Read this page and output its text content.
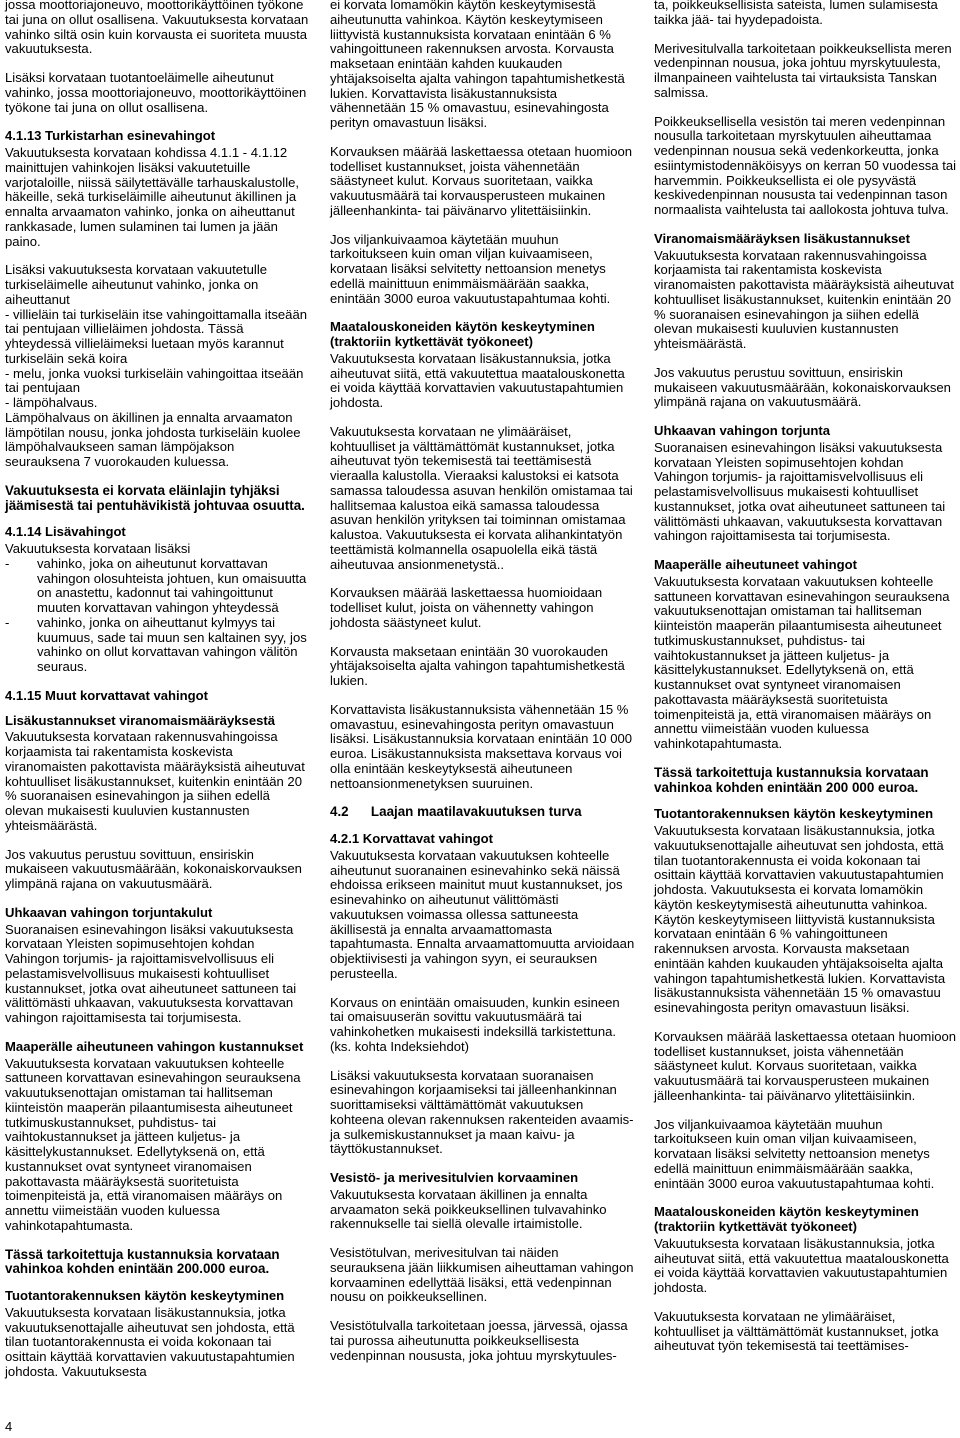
jossa moottoriajoneuvo, moottorikäyttöinen työkone tai juna on ollut osallisena. Vakuutuksesta korvataan vahinko siltä osin kuin korvausta ei suoriteta muusta vakuutuksesta.

Lisäksi korvataan tuotantoeläimelle aiheutunut vahinko, jossa moottoriajoneuvo, moottorikäyttöinen työkone tai juna on ollut osallisena.

4.1.13 Turkistarhan esinevahingot

Vakuutuksesta korvataan kohdissa 4.1.1 - 4.1.12 mainittujen vahinkojen lisäksi vakuutetuille varjotaloille, niissä säilytettävälle tarhauskalustolle, häkeille, sekä turkiseläimille aiheutunut äkillinen ja ennalta arvaamaton vahinko, jonka on aiheuttanut rankkasade, lumen sulaminen tai lumen ja jään paino.

Lisäksi vakuutuksesta korvataan vakuutetulle turkiseläimelle aiheutunut vahinko, jonka on aiheuttanut

- villieläin tai turkiseläin itse vahingoittamalla itseään tai pentujaan villieläimen johdosta. Tässä yhteydessä villieläimeksi luetaan myös karannut turkiseläin sekä koira

- melu, jonka vuoksi turkiseläin vahingoittaa itseään tai pentujaan

- lämpöhalvaus.

Lämpöhalvaus on äkillinen ja ennalta arvaamaton lämpötilan nousu, jonka johdosta turkiseläin kuolee lämpöhalvaukseen saman lämpöjakson seurauksena 7 vuorokauden kuluessa.

Vakuutuksesta ei korvata eläinlajin tyhjäksi jäämisestä tai pentuhävikistä johtuvaa osuutta.
4.1.14 Lisävahingot

Vakuutuksesta korvataan lisäksi

- vahinko, joka on aiheutunut korvattavan vahingon olosuhteista johtuen, kun omaisuutta on anastettu, kadonnut tai vahingoittunut muuten korvattavan vahingon yhteydessä
- vahinko, jonka on aiheuttanut kylmyys tai kuumuus, sade tai muun sen kaltainen syy, jos vahinko on ollut korvattavan vahingon välitön seuraus.
4.1.15 Muut korvattavat vahingot
Lisäkustannukset viranomaismääräyksestä

Vakuutuksesta korvataan rakennusvahingoissa korjaamista tai rakentamista koskevista viranomaisten pakottavista määräyksistä aiheutuvat kohtuulliset lisäkustannukset, kuitenkin enintään 20 % suoranaisen esinevahingon ja siihen edellä olevan mukaisesti kuuluvien kustannusten yhteismäärästä.

Jos vakuutus perustuu sovittuun, ensiriskin mukaiseen vakuutusmäärään, kokonaiskorvauksen ylimpänä rajana on vakuutusmäärä.

Uhkaavan vahingon torjuntakulut

Suoranaisen esinevahingon lisäksi vakuutuksesta korvataan Yleisten sopimusehtojen kohdan Vahingon torjumis- ja rajoittamisvelvollisuus eli pelastamisvelvollisuus mukaisesti kohtuulliset kustannukset, jotka ovat aiheutuneet sattuneen tai välittömästi uhkaavan, vakuutuksesta korvattavan vahingon rajoittamisesta tai torjumisesta.

Maaperälle aiheutuneen vahingon kustannukset

Vakuutuksesta korvataan vakuutuksen kohteelle sattuneen korvattavan esinevahingon seurauksena vakuutuksenottajan omistaman tai hallitseman kiinteistön maaperän pilaantumisesta aiheutuneet tutkimuskustannukset, puhdistus- tai vaihtokustannukset ja jätteen kuljetus- ja käsittelykustannukset. Edellytyksenä on, että kustannukset ovat syntyneet viranomaisen pakottavasta määräyksestä suoritetuista toimenpiteistä ja, että viranomaisen määräys on annettu viimeistään vuoden kuluessa vahinkotapahtumasta.

Tässä tarkoitettuja kustannuksia korvataan vahinkoa kohden enintään 200.000 euroa.
Tuotantorakennuksen käytön keskeytyminen

Vakuutuksesta korvataan lisäkustannuksia, jotka vakuutuksenottajalle aiheutuvat sen johdosta, että tilan tuotantorakennusta ei voida kokonaan tai osittain käyttää korvattavien vakuutustapahtumien johdosta. Vakuutuksesta

ei korvata lomamökin käytön keskeytymisestä aiheutunutta vahinkoa. Käytön keskeytymiseen liittyvistä kustannuksista korvataan enintään 6 % vahingoittuneen rakennuksen arvosta. Korvausta maksetaan enintään kahden kuukauden yhtäjaksoiselta ajalta vahingon tapahtumishetkestä lukien. Korvattavista lisäkustannuksista vähennetään 15 % omavastuu, esinevahingosta perityn omavastuun lisäksi.

Korvauksen määrää laskettaessa otetaan huomioon todelliset kustannukset, joista vähennetään säästyneet kulut. Korvaus suoritetaan, vaikka vakuutusmäärä tai korvausperusteen mukainen jälleenhankinta- tai päivänarvo ylitettäisiinkin.

Jos viljankuivaamoa käytetään muuhun tarkoitukseen kuin oman viljan kuivaamiseen, korvataan lisäksi selvitetty nettoansion menetys edellä mainittuun enimmäismäärään saakka, enintään 3000 euroa vakuutustapahtumaa kohti.

Maatalouskoneiden käytön keskeytyminen (traktoriin kytkettävät työkoneet)

Vakuutuksesta korvataan lisäkustannuksia, jotka aiheutuvat siitä, että vakuutettua maatalouskonetta ei voida käyttää korvattavien vakuutustapahtumien johdosta.

Vakuutuksesta korvataan ne ylimääräiset, kohtuulliset ja välttämättömät kustannukset, jotka aiheutuvat työn tekemisestä tai teettämisestä vieraalla kalustolla. Vieraaksi kalustoksi ei katsota samassa taloudessa asuvan henkilön omistamaa tai hallitsemaa kalustoa eikä samassa taloudessa asuvan henkilön yrityksen tai toiminnan omistamaa kalustoa. Vakuutuksesta ei korvata alihankintatyön teettämistä kolmannella osapuolella eikä tästä aiheutuvaa ansionmenetystä..

Korvauksen määrää laskettaessa huomioidaan todelliset kulut, joista on vähennetty vahingon johdosta säästyneet kulut.

Korvausta maksetaan enintään 30 vuorokauden yhtäjaksoiselta ajalta vahingon tapahtumishetkestä lukien.

Korvattavista lisäkustannuksista vähennetään 15 % omavastuu, esinevahingosta perityn omavastuun lisäksi. Lisäkustannuksia korvataan enintään 10 000 euroa. Lisäkustannuksista maksettava korvaus voi olla enintään keskeytyksestä aiheutuneen nettoansionmenetyksen suuruinen.

4.2      Laajan maatilavakuutuksen turva
4.2.1 Korvattavat vahingot

Vakuutuksesta korvataan vakuutuksen kohteelle aiheutunut suoranainen esinevahinko sekä näissä ehdoissa erikseen mainitut muut kustannukset, jos esinevahinko on aiheutunut välittömästi vakuutuksen voimassa ollessa sattuneesta äkillisestä ja ennalta arvaamattomasta tapahtumasta. Ennalta arvaamattomuutta arvioidaan objektiivisesti ja vahingon syyn, ei seurauksen perusteella.

Korvaus on enintään omaisuuden, kunkin esineen tai omaisuuserän sovittu vakuutusmäärä tai vahinkohetken mukaisesti indeksillä tarkistettuna. (ks. kohta Indeksiehdot)

Lisäksi vakuutuksesta korvataan suoranaisen esinevahingon korjaamiseksi tai jälleenhankinnan suorittamiseksi välttämättömät vakuutuksen kohteena olevan rakennuksen rakenteiden avaamis- ja sulkemiskustannukset ja maan kaivu- ja täyttökustannukset.

Vesistö- ja merivesitulvien korvaaminen

Vakuutuksesta korvataan äkillinen ja ennalta arvaamaton sekä poikkeuksellinen tulvavahinko rakennukselle tai siellä olevalle irtaimistolle.

Vesistötulvan, merivesitulvan tai näiden seurauksena jään liikkumisen aiheuttaman vahingon korvaaminen edellyttää lisäksi, että vedenpinnan nousu on poikkeuksellinen.

Vesistötulvalla tarkoitetaan joessa, järvessä, ojassa tai purossa aiheutunutta poikkeuksellisesta vedenpinnan noususta, joka johtuu myrskytuules-

ta, poikkeuksellisista sateista, lumen sulamisesta taikka jää- tai hyydepadoista.

Merivesitulvalla tarkoitetaan poikkeuksellista meren vedenpinnan nousua, joka johtuu myrskytuulesta, ilmanpaineen vaihtelusta tai virtauksista Tanskan salmissa.

Poikkeuksellisella vesistön tai meren vedenpinnan nousulla tarkoitetaan myrskytuulen aiheuttamaa vedenpinnan nousua sekä vedenkorkeutta, jonka esiintymistodennäköisyys on kerran 50 vuodessa tai harvemmin. Poikkeuksellista ei ole pysyvästä keskivedenpinnan noususta tai vedenpinnan tason normaalista vaihtelusta tai aallokosta johtuva tulva.

Viranomaismääräyksen lisäkustannukset

Vakuutuksesta korvataan rakennusvahingoissa korjaamista tai rakentamista koskevista viranomaisten pakottavista määräyksistä aiheutuvat kohtuulliset lisäkustannukset, kuitenkin enintään 20 % suoranaisen esinevahingon ja siihen edellä olevan mukaisesti kuuluvien kustannusten yhteismäärästä.

Jos vakuutus perustuu sovittuun, ensiriskin mukaiseen vakuutusmäärään, kokonaiskorvauksen ylimpänä rajana on vakuutusmäärä.

Uhkaavan vahingon torjunta

Suoranaisen esinevahingon lisäksi vakuutuksesta korvataan Yleisten sopimusehtojen kohdan Vahingon torjumis- ja rajoittamisvelvollisuus eli pelastamisvelvollisuus mukaisesti kohtuulliset kustannukset, jotka ovat aiheutuneet sattuneen tai välittömästi uhkaavan, vakuutuksesta korvattavan vahingon rajoittamisesta tai torjumisesta.

Maaperälle aiheutuneet vahingot

Vakuutuksesta korvataan vakuutuksen kohteelle sattuneen korvattavan esinevahingon seurauksena vakuutuksenottajan omistaman tai hallitseman kiinteistön maaperän pilaantumisesta aiheutuneet tutkimuskustannukset, puhdistus- tai vaihtokustannukset ja jätteen kuljetus- ja käsittelykustannukset. Edellytyksenä on, että kustannukset ovat syntyneet viranomaisen pakottavasta määräyksestä suoritetuista toimenpiteistä ja, että viranomaisen määräys on annettu viimeistään vuoden kuluessa vahinkotapahtumasta.

Tässä tarkoitettuja kustannuksia korvataan vahinkoa kohden enintään 200 000 euroa.
Tuotantorakennuksen käytön keskeytyminen

Vakuutuksesta korvataan lisäkustannuksia, jotka vakuutuksenottajalle aiheutuvat sen johdosta, että tilan tuotantorakennusta ei voida kokonaan tai osittain käyttää korvattavien vakuutustapahtumien johdosta. Vakuutuksesta ei korvata lomamökin käytön keskeytymisestä aiheutunutta vahinkoa. Käytön keskeytymiseen liittyvistä kustannuksista korvataan enintään 6 % vahingoittuneen rakennuksen arvosta. Korvausta maksetaan enintään kahden kuukauden yhtäjaksoiselta ajalta vahingon tapahtumishetkestä lukien. Korvattavista lisäkustannuksista vähennetään 15 % omavastuu esinevahingosta perityn omavastuun lisäksi.

Korvauksen määrää laskettaessa otetaan huomioon todelliset kustannukset, joista vähennetään säästyneet kulut. Korvaus suoritetaan, vaikka vakuutusmäärä tai korvausperusteen mukainen jälleenhankinta- tai päivänarvo ylitettäisiinkin.

Jos viljankuivaamoa käytetään muuhun tarkoitukseen kuin oman viljan kuivaamiseen, korvataan lisäksi selvitetty nettoansion menetys edellä mainittuun enimmäismäärään saakka, enintään 3000 euroa vakuutustapahtumaa kohti.

Maatalouskoneiden käytön keskeytyminen (traktoriin kytkettävät työkoneet)

Vakuutuksesta korvataan lisäkustannuksia, jotka aiheutuvat siitä, että vakuutettua maatalouskonetta ei voida käyttää korvattavien vakuutustapahtumien johdosta.

Vakuutuksesta korvataan ne ylimääräiset, kohtuulliset ja välttämättömät kustannukset, jotka aiheutuvat työn tekemisestä tai teettämises-

4
